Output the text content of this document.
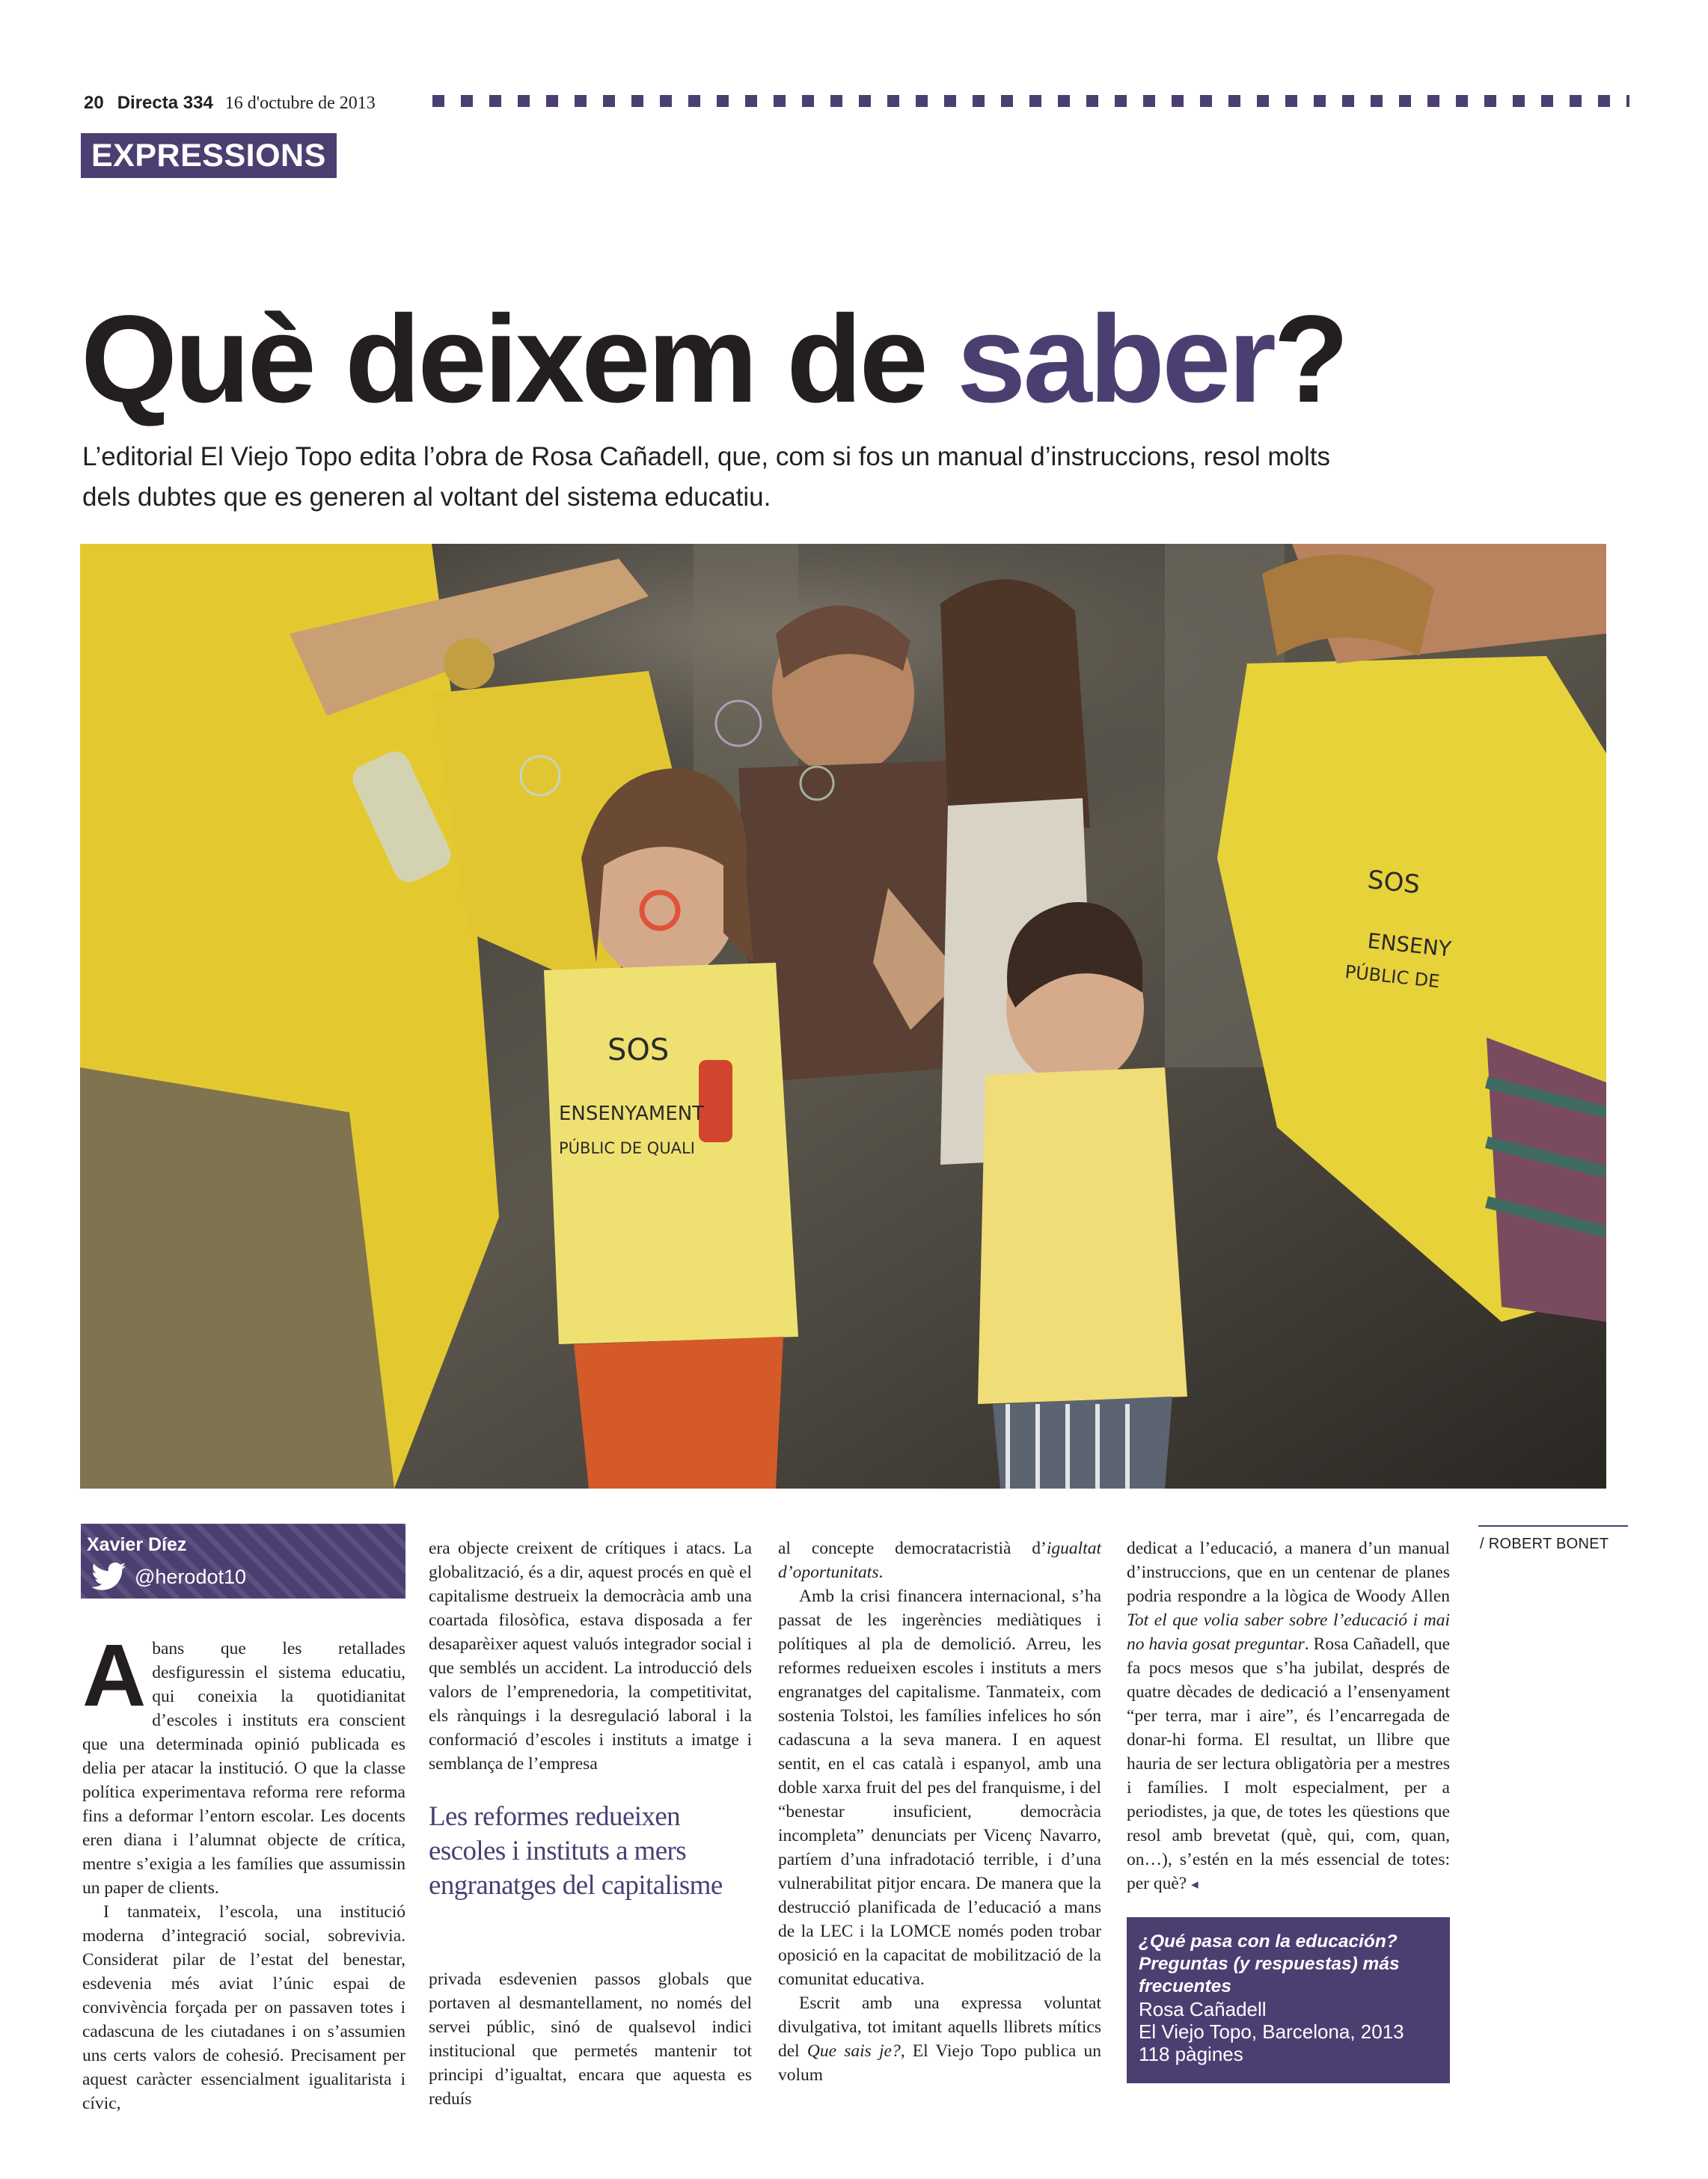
20 Directa 334 16 d'octubre de 2013
EXPRESSIONS
Què deixem de saber?
L’editorial El Viejo Topo edita l’obra de Rosa Cañadell, que, com si fos un manual d’instruccions, resol molts dels dubtes que es generen al voltant del sistema educatiu.
SOS
ENSENY
PÚBLIC DE
SOS
ENSENYAMENT
PÚBLIC DE QUALI
/ ROBERT BONET
Xavier Díez
@herodot10

Abans que les retallades desfiguressin el sistema educatiu, qui coneixia la quotidianitat d’escoles i instituts era conscient que una determinada opinió publicada es delia per atacar la institució. O que la classe política experimentava reforma rere reforma fins a deformar l’entorn escolar. Les docents eren diana i l’alumnat objecte de crítica, mentre s’exigia a les famílies que assumissin un paper de clients.

I tanmateix, l’escola, una institució moderna d’integració social, sobrevivia. Considerat pilar de l’estat del benestar, esdevenia més aviat l’únic espai de convivència forçada per on passaven totes i cadascuna de les ciutadanes i on s’assumien uns certs valors de cohesió. Precisament per aquest caràcter essencialment igualitarista i cívic,

era objecte creixent de crítiques i atacs. La globalització, és a dir, aquest procés en què el capitalisme destrueix la democràcia amb una coartada filosòfica, estava disposada a fer desaparèixer aquest valuós integrador social i que semblés un accident. La introducció dels valors de l’emprenedoria, la competitivitat, els rànquings i la desregulació laboral i la conformació d’escoles i instituts a imatge i semblança de l’empresa

Les reformes redueixen escoles i instituts a mers engranatges del capitalisme

privada esdevenien passos globals que portaven al desmantellament, no només del servei públic, sinó de qualsevol indici institucional que permetés mantenir tot principi d’igualtat, encara que aquesta es reduís

al concepte democratacristià d’igualtat d’oportunitats.

Amb la crisi financera internacional, s’ha passat de les ingerències mediàtiques i polítiques al pla de demolició. Arreu, les reformes redueixen escoles i instituts a mers engranatges del capitalisme. Tanmateix, com sostenia Tolstoi, les famílies infelices ho són cadascuna a la seva manera. I en aquest sentit, en el cas català i espanyol, amb una doble xarxa fruit del pes del franquisme, i del “benestar insuficient, democràcia incompleta” denunciats per Vicenç Navarro, partíem d’una infradotació terrible, i d’una vulnerabilitat pitjor encara. De manera que la destrucció planificada de l’educació a mans de la LEC i la LOMCE només poden trobar oposició en la capacitat de mobilització de la comunitat educativa.

Escrit amb una expressa voluntat divulgativa, tot imitant aquells llibrets mítics del Que sais je?, El Viejo Topo publica un volum

dedicat a l’educació, a manera d’un manual d’instruccions, que en un centenar de planes podria respondre a la lògica de Woody Allen Tot el que volia saber sobre l’educació i mai no havia gosat preguntar. Rosa Cañadell, que fa pocs mesos que s’ha jubilat, després de quatre dècades de dedicació a l’ensenyament “per terra, mar i aire”, és l’encarregada de donar-hi forma. El resultat, un llibre que hauria de ser lectura obligatòria per a mestres i famílies. I molt especialment, per a periodistes, ja que, de totes les qüestions que resol amb brevetat (què, qui, com, quan, on…), s’estén en la més essencial de totes: per què? ◂

¿Qué pasa con la educación? Preguntas (y respuestas) más frecuentes
Rosa Cañadell
El Viejo Topo, Barcelona, 2013
118 pàgines
